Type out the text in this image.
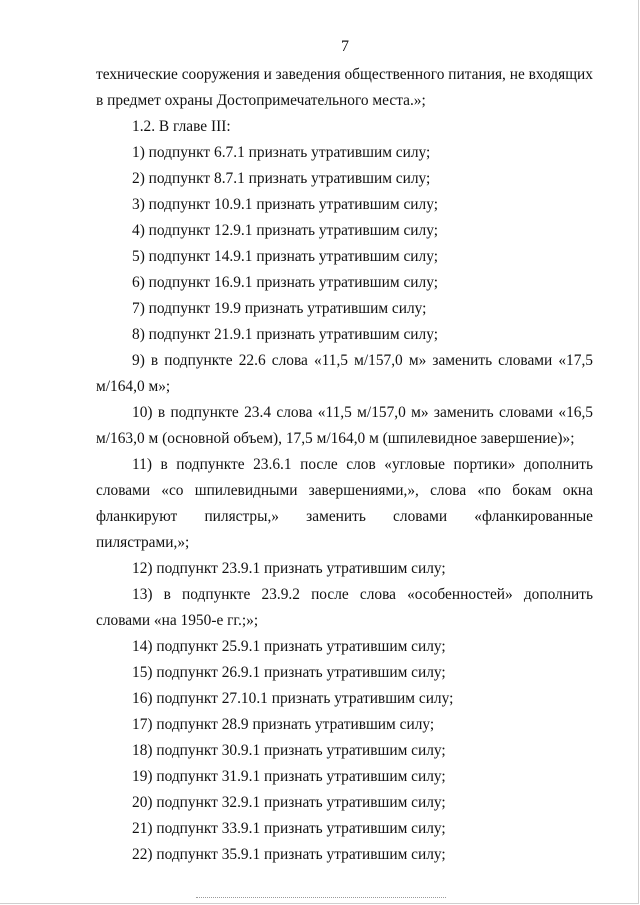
7

технические сооружения и заведения общественного питания, не входящих в предмет охраны Достопримечательного места.»;

1.2. В главе III:

1) подпункт 6.7.1 признать утратившим силу;

2) подпункт 8.7.1 признать утратившим силу;

3) подпункт 10.9.1 признать утратившим силу;

4) подпункт 12.9.1 признать утратившим силу;

5) подпункт 14.9.1 признать утратившим силу;

6) подпункт 16.9.1 признать утратившим силу;

7) подпункт 19.9 признать утратившим силу;

8) подпункт 21.9.1 признать утратившим силу;

9) в подпункте 22.6 слова «11,5 м/157,0 м» заменить словами «17,5 м/164,0 м»;

10) в подпункте 23.4 слова «11,5 м/157,0 м» заменить словами «16,5 м/163,0 м (основной объем), 17,5 м/164,0 м (шпилевидное завершение)»;

11) в подпункте 23.6.1 после слов «угловые портики» дополнить словами «со шпилевидными завершениями,», слова «по бокам окна фланкируют пилястры,» заменить словами «фланкированные пилястрами,»;

12) подпункт 23.9.1 признать утратившим силу;

13) в подпункте 23.9.2 после слова «особенностей» дополнить словами «на 1950-е гг.;»;

14) подпункт 25.9.1 признать утратившим силу;

15) подпункт 26.9.1 признать утратившим силу;

16) подпункт 27.10.1 признать утратившим силу;

17) подпункт 28.9 признать утратившим силу;

18) подпункт 30.9.1 признать утратившим силу;

19) подпункт 31.9.1 признать утратившим силу;

20) подпункт 32.9.1 признать утратившим силу;

21) подпункт 33.9.1 признать утратившим силу;

22) подпункт 35.9.1 признать утратившим силу;
